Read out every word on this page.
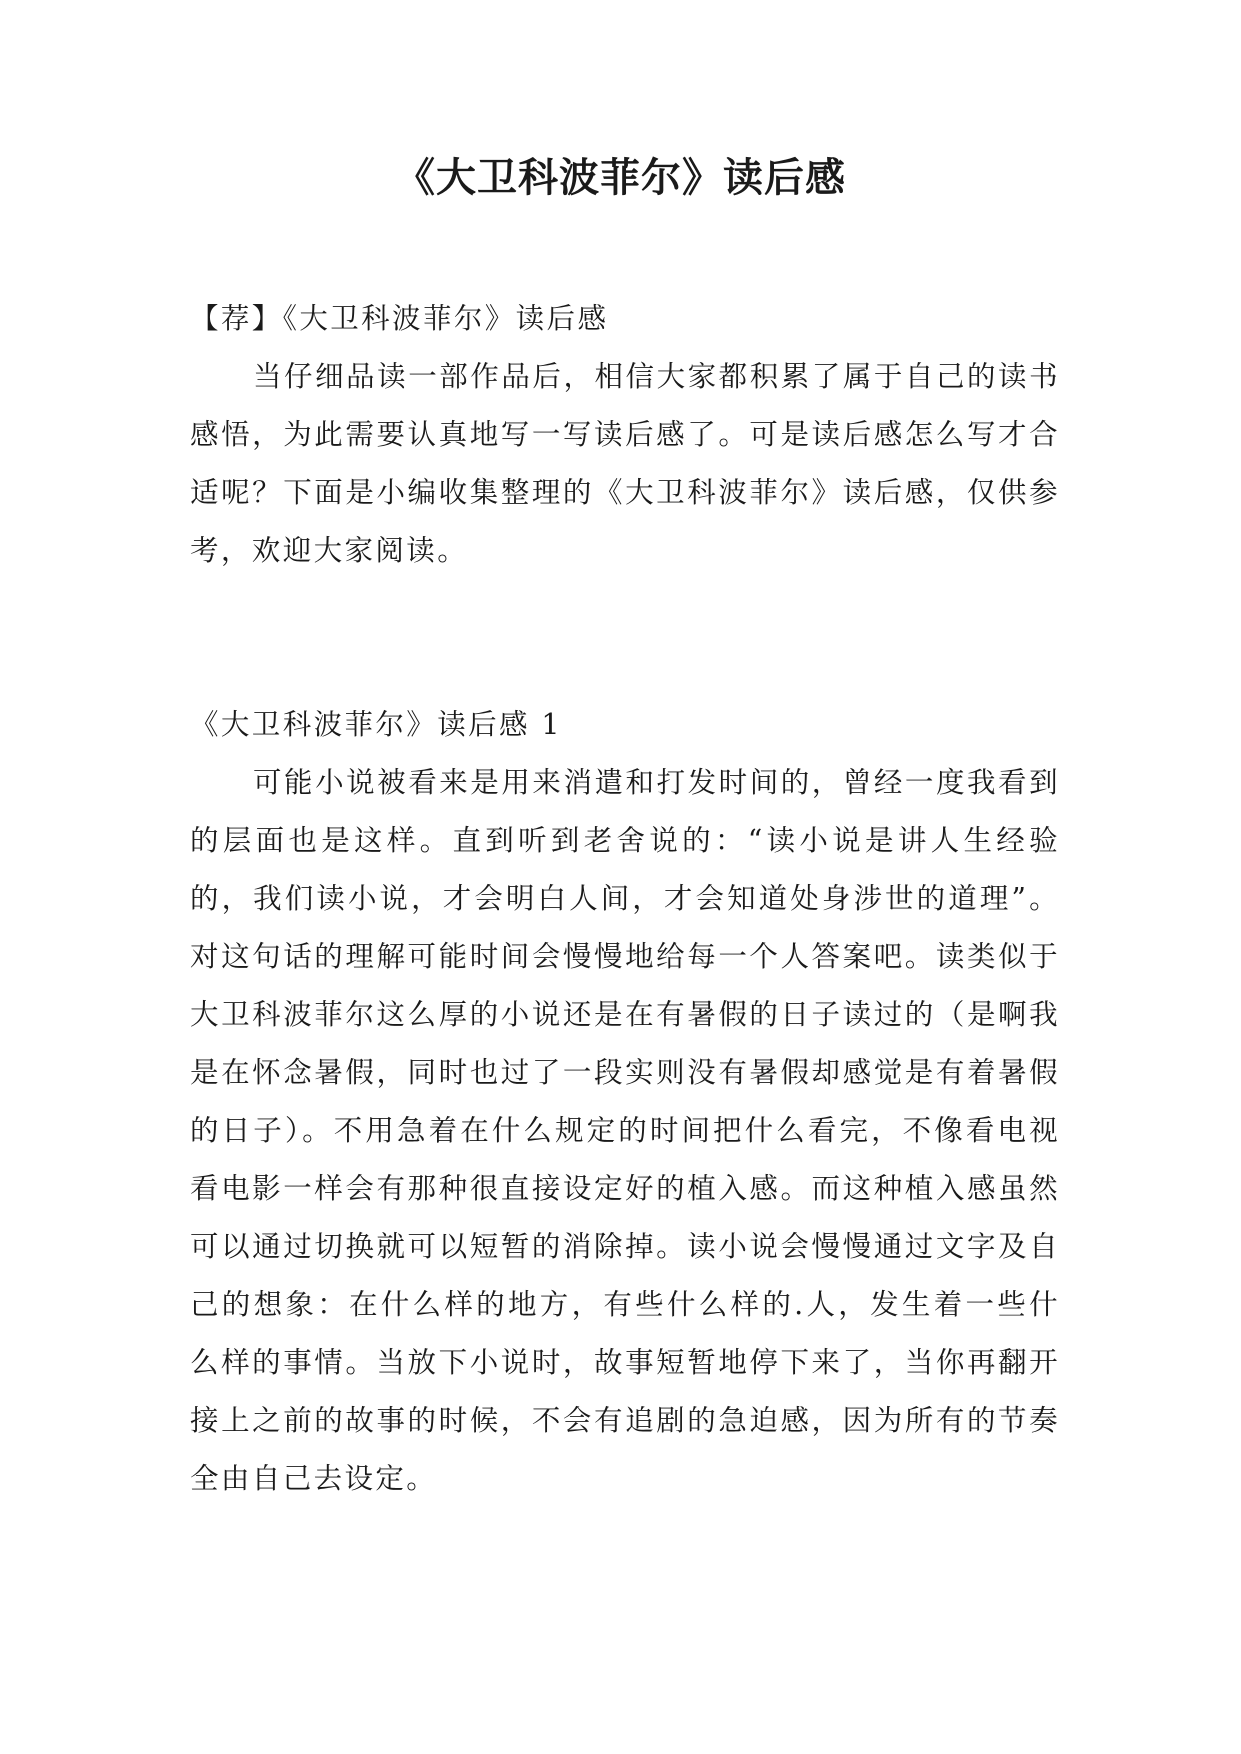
《大卫科波菲尔》读后感

【荐】《大卫科波菲尔》读后感

当仔细品读一部作品后，相信大家都积累了属于自己的读书感悟，为此需要认真地写一写读后感了。可是读后感怎么写才合适呢？下面是小编收集整理的《大卫科波菲尔》读后感，仅供参考，欢迎大家阅读。

《大卫科波菲尔》读后感 1

可能小说被看来是用来消遣和打发时间的，曾经一度我看到的层面也是这样。直到听到老舍说的：“读小说是讲人生经验的，我们读小说，才会明白人间，才会知道处身涉世的道理”。对这句话的理解可能时间会慢慢地给每一个人答案吧。读类似于大卫科波菲尔这么厚的小说还是在有暑假的日子读过的（是啊我是在怀念暑假，同时也过了一段实则没有暑假却感觉是有着暑假的日子）。不用急着在什么规定的时间把什么看完，不像看电视看电影一样会有那种很直接设定好的植入感。而这种植入感虽然可以通过切换就可以短暂的消除掉。读小说会慢慢通过文字及自己的想象：在什么样的地方，有些什么样的.人，发生着一些什么样的事情。当放下小说时，故事短暂地停下来了，当你再翻开接上之前的故事的时候，不会有追剧的急迫感，因为所有的节奏全由自己去设定。
